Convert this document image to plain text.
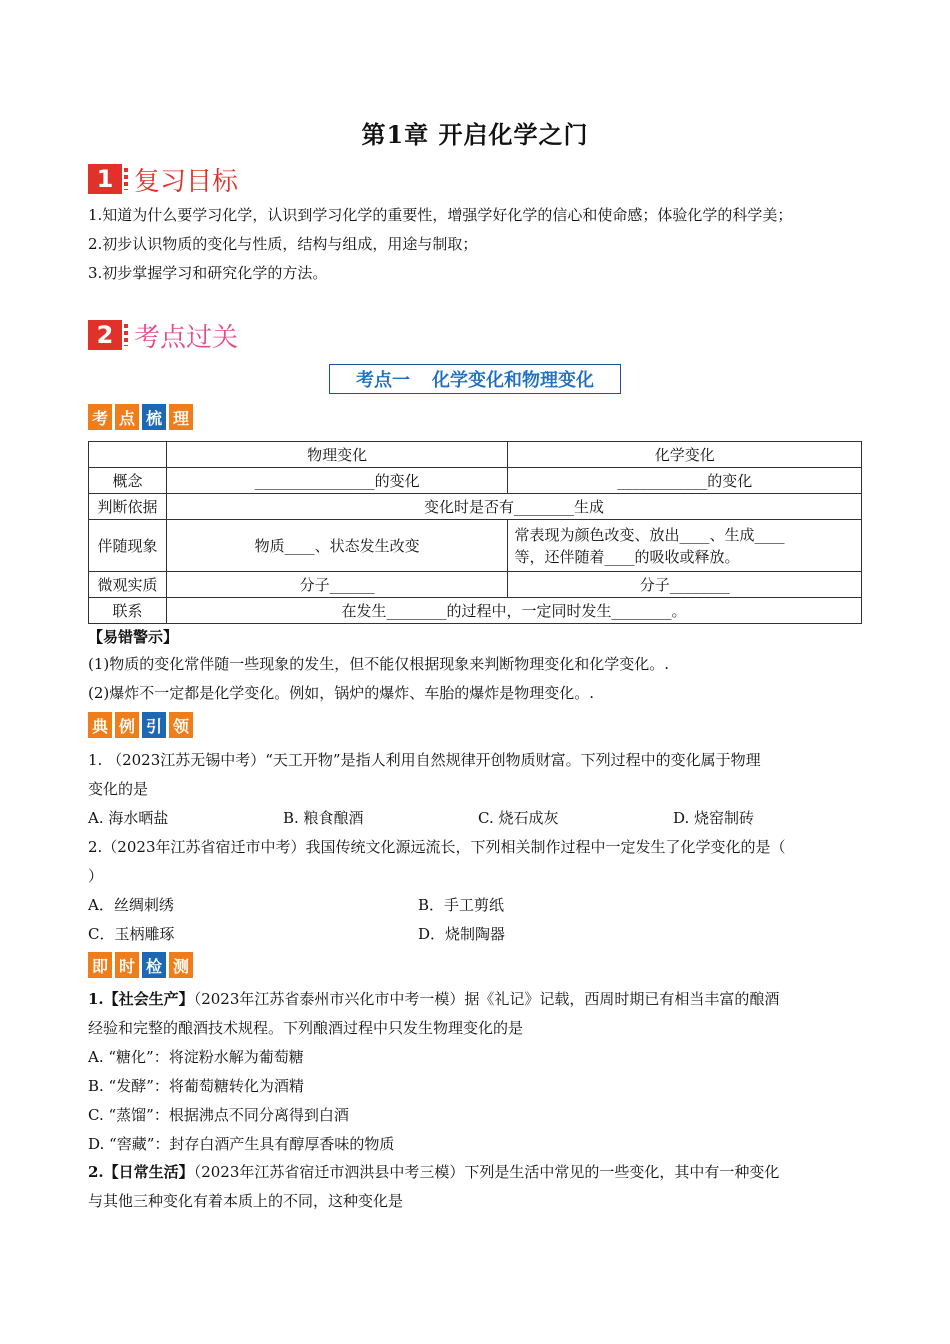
第1章 开启化学之门
1 复习目标
1.知道为什么要学习化学，认识到学习化学的重要性，增强学好化学的信心和使命感；体验化学的科学美；
2.初步认识物质的变化与性质，结构与组成，用途与制取；
3.初步掌握学习和研究化学的方法。
2 考点过关
考点一 化学变化和物理变化
考 点 梳 理
	物理变化	化学变化
概念	________________的变化	____________的变化
判断依据	变化时是否有________生成	
伴随现象	物质____、状态发生改变	常表现为颜色改变、放出____、生成____
等，还伴随着____的吸收或释放。

微观实质	分子______	分子________
联系	在发生________的过程中，一定同时发生________。	
【易错警示】
(1)物质的变化常伴随一些现象的发生，但不能仅根据现象来判断物理变化和化学变化。.
(2)爆炸不一定都是化学变化。例如，锅炉的爆炸、车胎的爆炸是物理变化。.
典 例 引 领
1. （2023江苏无锡中考）“天工开物”是指人利用自然规律开创物质财富。下列过程中的变化属于物理
变化的是
A. 海水晒盐	B. 粮食酿酒	C. 烧石成灰	D. 烧窑制砖
2.（2023年江苏省宿迁市中考）我国传统文化源远流长，下列相关制作过程中一定发生了化学变化的是（
）
A．丝绸刺绣	B．手工剪纸
C．玉柄雕琢	D．烧制陶器
即 时 检 测
1.【社会生产】（2023年江苏省泰州市兴化市中考一模）据《礼记》记载，西周时期已有相当丰富的酿酒
经验和完整的酿酒技术规程。下列酿酒过程中只发生物理变化的是
A. “糖化”：将淀粉水解为葡萄糖
B. “发酵”：将葡萄糖转化为酒精
C. “蒸馏”：根据沸点不同分离得到白酒
D. “窖藏”：封存白酒产生具有醇厚香味的物质
2.【日常生活】（2023年江苏省宿迁市泗洪县中考三模）下列是生活中常见的一些变化，其中有一种变化
与其他三种变化有着本质上的不同，这种变化是
